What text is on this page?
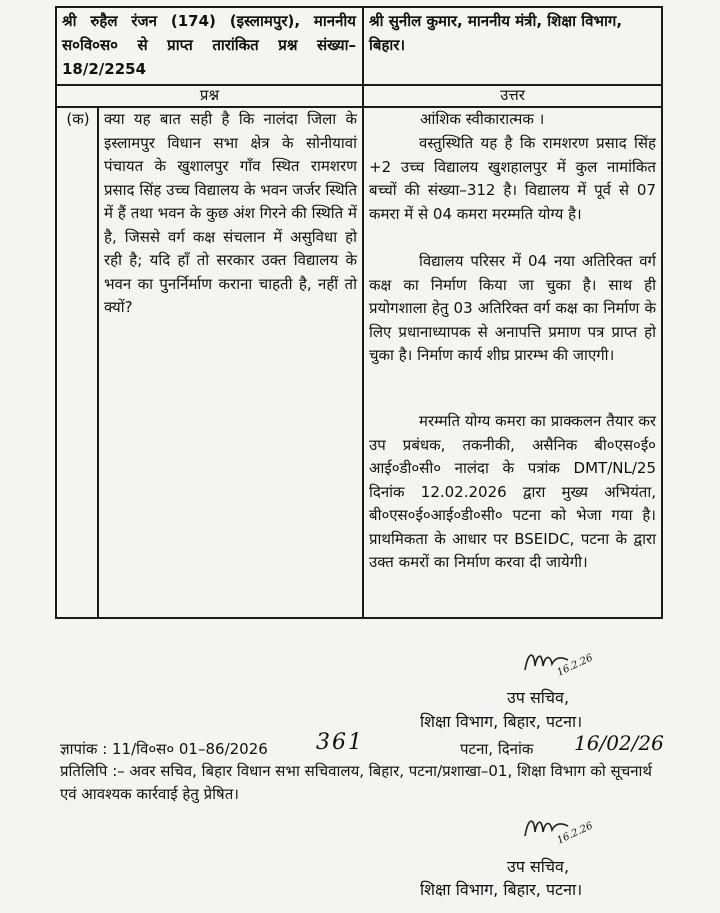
श्री रुहैल रंजन (174) (इस्लामपुर), माननीय स०वि०स० से प्राप्त तारांकित प्रश्न संख्या–18/2/2254
श्री सुनील कुमार, माननीय मंत्री, शिक्षा विभाग, बिहार।
प्रश्न	उत्तर
(क) क्या यह बात सही है कि नालंदा जिला के इस्लामपुर विधान सभा क्षेत्र के सोनीयावां पंचायत के खुशालपुर गाँव स्थित रामशरण प्रसाद सिंह उच्च विद्यालय के भवन जर्जर स्थिति में हैं तथा भवन के कुछ अंश गिरने की स्थिति में है, जिससे वर्ग कक्ष संचलान में असुविधा हो रही है; यदि हाँ तो सरकार उक्त विद्यालय के भवन का पुनर्निर्माण कराना चाहती है, नहीं तो क्यों?
आंशिक स्वीकारात्मक ।
वस्तुस्थिति यह है कि रामशरण प्रसाद सिंह +2 उच्च विद्यालय खुशहालपुर में कुल नामांकित बच्चों की संख्या–312 है। विद्यालय में पूर्व से 07 कमरा में से 04 कमरा मरम्मति योग्य है।
विद्यालय परिसर में 04 नया अतिरिक्त वर्ग कक्ष का निर्माण किया जा चुका है। साथ ही प्रयोगशाला हेतु 03 अतिरिक्त वर्ग कक्ष का निर्माण के लिए प्रधानाध्यापक से अनापत्ति प्रमाण पत्र प्राप्त हो चुका है। निर्माण कार्य शीघ्र प्रारम्भ की जाएगी।
मरम्मति योग्य कमरा का प्राक्कलन तैयार कर उप प्रबंधक, तकनीकी, असैनिक बी०एस०ई० आई०डी०सी० नालंदा के पत्रांक DMT/NL/25 दिनांक 12.02.2026 द्वारा मुख्य अभियंता, बी०एस०ई०आई०डी०सी० पटना को भेजा गया है। प्राथमिकता के आधार पर BSEIDC, पटना के द्वारा उक्त कमरों का निर्माण करवा दी जायेगी।
16.2.26
उप सचिव,
शिक्षा विभाग, बिहार, पटना।
ज्ञापांक : 11/वि०स० 01–86/2026 361	पटना, दिनांक 16/02/26
प्रतिलिपि :– अवर सचिव, बिहार विधान सभा सचिवालय, बिहार, पटना/प्रशाखा–01, शिक्षा विभाग को सूचनार्थ एवं आवश्यक कार्रवाई हेतु प्रेषित।
16.2.26
उप सचिव,
शिक्षा विभाग, बिहार, पटना।
